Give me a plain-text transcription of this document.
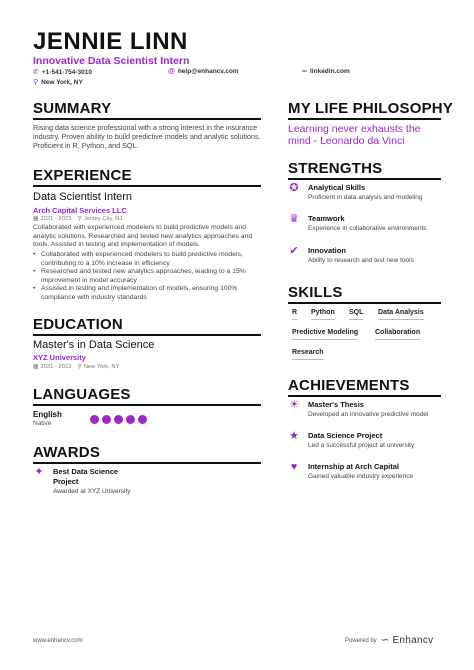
JENNIE LINN
Innovative Data Scientist Intern
✆ +1-541-754-3010	@ help@enhancv.com	∞ linkedin.com
⚲ New York, NY
SUMMARY
Rising data science professional with a strong interest in the insurance industry. Proven ability to build predictive models and analytic solutions. Proficient in R, Python, and SQL.
EXPERIENCE
Data Scientist Intern
Arch Capital Services LLC
▦ 2021 - 2023 ⚲ Jersey City, NJ
Collaborated with experienced modelers to build predictive models and analytic solutions. Researched and tested new analytics approaches and tools. Assisted in testing and implementation of models.
• Collaborated with experienced modelers to build predictive models, contributing to a 10% increase in efficiency
• Researched and tested new analytics approaches, leading to a 15% improvement in model accuracy
• Assisted in testing and implementation of models, ensuring 100% compliance with industry standards
EDUCATION
Master's in Data Science
XYZ University
▦ 2021 - 2023 ⚲ New York, NY
LANGUAGES
English
Native
AWARDS
✦ Best Data Science Project
Awarded at XYZ University
MY LIFE PHILOSOPHY
Learning never exhausts the mind - Leonardo da Vinci
STRENGTHS
✪ Analytical Skills
Proficient in data analysis and modeling
♛ Teamwork
Experience in collaborative environments
✔ Innovation
Ability to research and test new tools
SKILLS
R Python SQL Data Analysis
Predictive Modeling Collaboration
Research
ACHIEVEMENTS
☀ Master's Thesis
Developed an innovative predictive model
★ Data Science Project
Led a successful project at university
♥	Internship at Arch Capital
Gained valuable industry experience
www.enhancv.com	Powered by ∽ Enhancv
